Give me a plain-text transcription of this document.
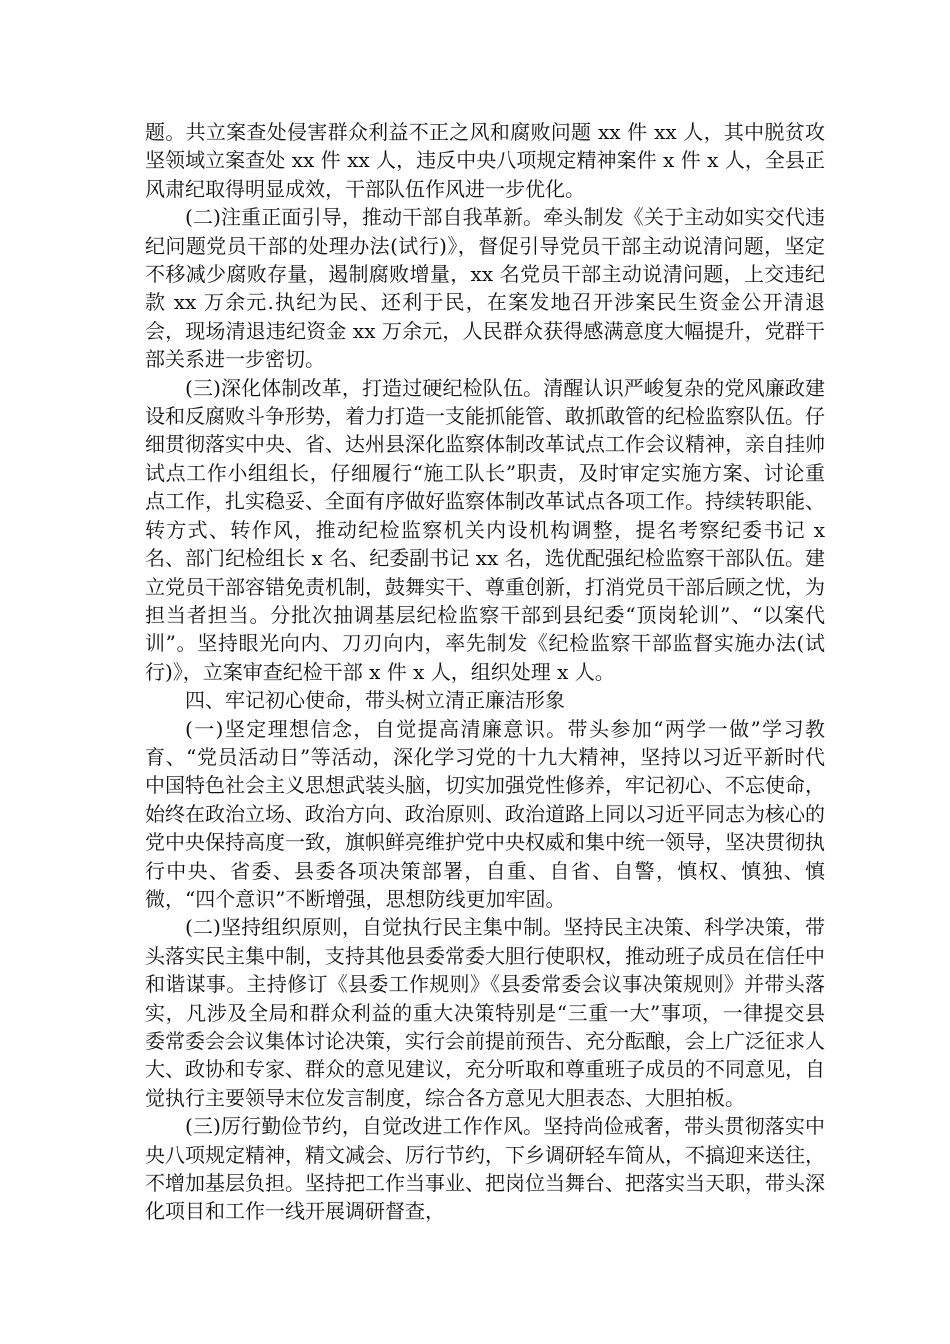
题。共立案查处侵害群众利益不正之风和腐败问题 xx 件 xx 人，其中脱贫攻坚领域立案查处 xx 件 xx 人，违反中央八项规定精神案件 x 件 x 人，全县正风肃纪取得明显成效，干部队伍作风进一步优化。

(二)注重正面引导，推动干部自我革新。牵头制发《关于主动如实交代违纪问题党员干部的处理办法(试行)》，督促引导党员干部主动说清问题，坚定不移减少腐败存量，遏制腐败增量，xx 名党员干部主动说清问题，上交违纪款 xx 万余元.执纪为民、还利于民，在案发地召开涉案民生资金公开清退会，现场清退违纪资金 xx 万余元，人民群众获得感满意度大幅提升，党群干部关系进一步密切。

(三)深化体制改革，打造过硬纪检队伍。清醒认识严峻复杂的党风廉政建设和反腐败斗争形势，着力打造一支能抓能管、敢抓敢管的纪检监察队伍。仔细贯彻落实中央、省、达州县深化监察体制改革试点工作会议精神，亲自挂帅试点工作小组组长，仔细履行“施工队长”职责，及时审定实施方案、讨论重点工作，扎实稳妥、全面有序做好监察体制改革试点各项工作。持续转职能、转方式、转作风，推动纪检监察机关内设机构调整，提名考察纪委书记 x 名、部门纪检组长 x 名、纪委副书记 xx 名，选优配强纪检监察干部队伍。建立党员干部容错免责机制，鼓舞实干、尊重创新，打消党员干部后顾之忧，为担当者担当。分批次抽调基层纪检监察干部到县纪委“顶岗轮训”、“以案代训”。坚持眼光向内、刀刃向内，率先制发《纪检监察干部监督实施办法(试行)》，立案审查纪检干部 x 件 x 人，组织处理 x 人。

四、牢记初心使命，带头树立清正廉洁形象

(一)坚定理想信念，自觉提高清廉意识。带头参加“两学一做”学习教育、“党员活动日”等活动，深化学习党的十九大精神，坚持以习近平新时代中国特色社会主义思想武装头脑，切实加强党性修养，牢记初心、不忘使命，始终在政治立场、政治方向、政治原则、政治道路上同以习近平同志为核心的党中央保持高度一致，旗帜鲜亮维护党中央权威和集中统一领导，坚决贯彻执行中央、省委、县委各项决策部署，自重、自省、自警，慎权、慎独、慎微，“四个意识”不断增强，思想防线更加牢固。

(二)坚持组织原则，自觉执行民主集中制。坚持民主决策、科学决策，带头落实民主集中制，支持其他县委常委大胆行使职权，推动班子成员在信任中和谐谋事。主持修订《县委工作规则》《县委常委会议事决策规则》并带头落实，凡涉及全局和群众利益的重大决策特别是“三重一大”事项，一律提交县委常委会会议集体讨论决策，实行会前提前预告、充分酝酿，会上广泛征求人大、政协和专家、群众的意见建议，充分听取和尊重班子成员的不同意见，自觉执行主要领导末位发言制度，综合各方意见大胆表态、大胆拍板。

(三)厉行勤俭节约，自觉改进工作作风。坚持尚俭戒奢，带头贯彻落实中央八项规定精神，精文减会、厉行节约，下乡调研轻车简从，不搞迎来送往，不增加基层负担。坚持把工作当事业、把岗位当舞台、把落实当天职，带头深化项目和工作一线开展调研督查，
